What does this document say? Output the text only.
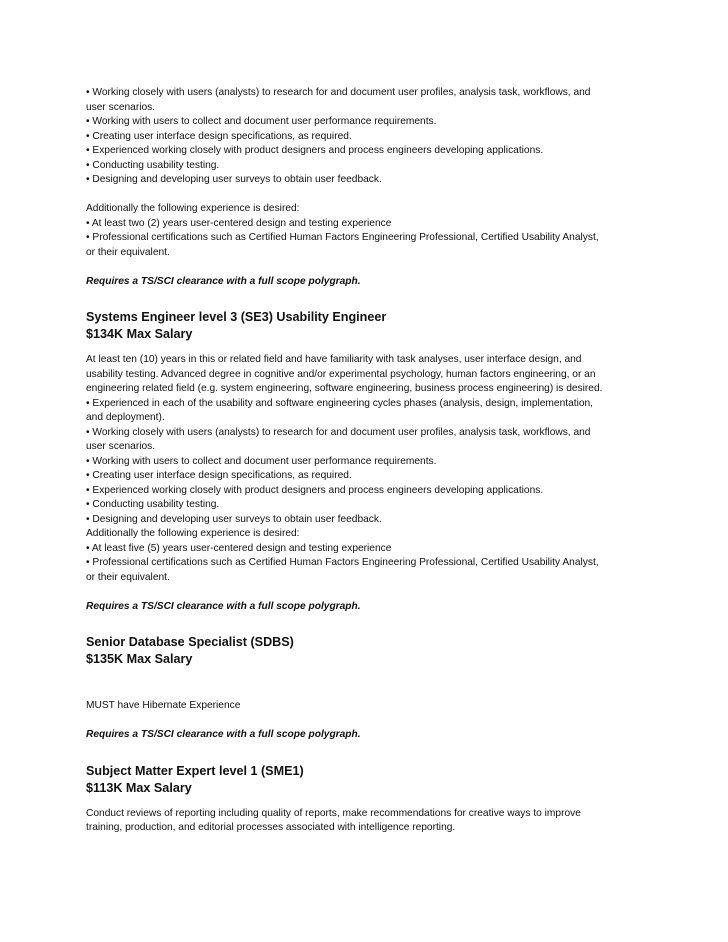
• Working closely with users (analysts) to research for and document user profiles, analysis task, workflows, and

user scenarios.

• Working with users to collect and document user performance requirements.

• Creating user interface design specifications, as required.

• Experienced working closely with product designers and process engineers developing applications.

• Conducting usability testing.

• Designing and developing user surveys to obtain user feedback.

Additionally the following experience is desired:

• At least two (2) years user-centered design and testing experience

• Professional certifications such as Certified Human Factors Engineering Professional, Certified Usability Analyst,

or their equivalent.

Requires a TS/SCI clearance with a full scope polygraph.

Systems Engineer level 3 (SE3) Usability Engineer

$134K Max Salary

At least ten (10) years in this or related field and have familiarity with task analyses, user interface design, and

usability testing. Advanced degree in cognitive and/or experimental psychology, human factors engineering, or an

engineering related field (e.g. system engineering, software engineering, business process engineering) is desired.

• Experienced in each of the usability and software engineering cycles phases (analysis, design, implementation,

and deployment).

• Working closely with users (analysts) to research for and document user profiles, analysis task, workflows, and

user scenarios.

• Working with users to collect and document user performance requirements.

• Creating user interface design specifications, as required.

• Experienced working closely with product designers and process engineers developing applications.

• Conducting usability testing.

• Designing and developing user surveys to obtain user feedback.

Additionally the following experience is desired:

• At least five (5) years user-centered design and testing experience

• Professional certifications such as Certified Human Factors Engineering Professional, Certified Usability Analyst,

or their equivalent.

Requires a TS/SCI clearance with a full scope polygraph.

Senior Database Specialist (SDBS)

$135K Max Salary

MUST have Hibernate Experience

Requires a TS/SCI clearance with a full scope polygraph.

Subject Matter Expert level 1 (SME1)

$113K Max Salary

Conduct reviews of reporting including quality of reports, make recommendations for creative ways to improve

training, production, and editorial processes associated with intelligence reporting.
